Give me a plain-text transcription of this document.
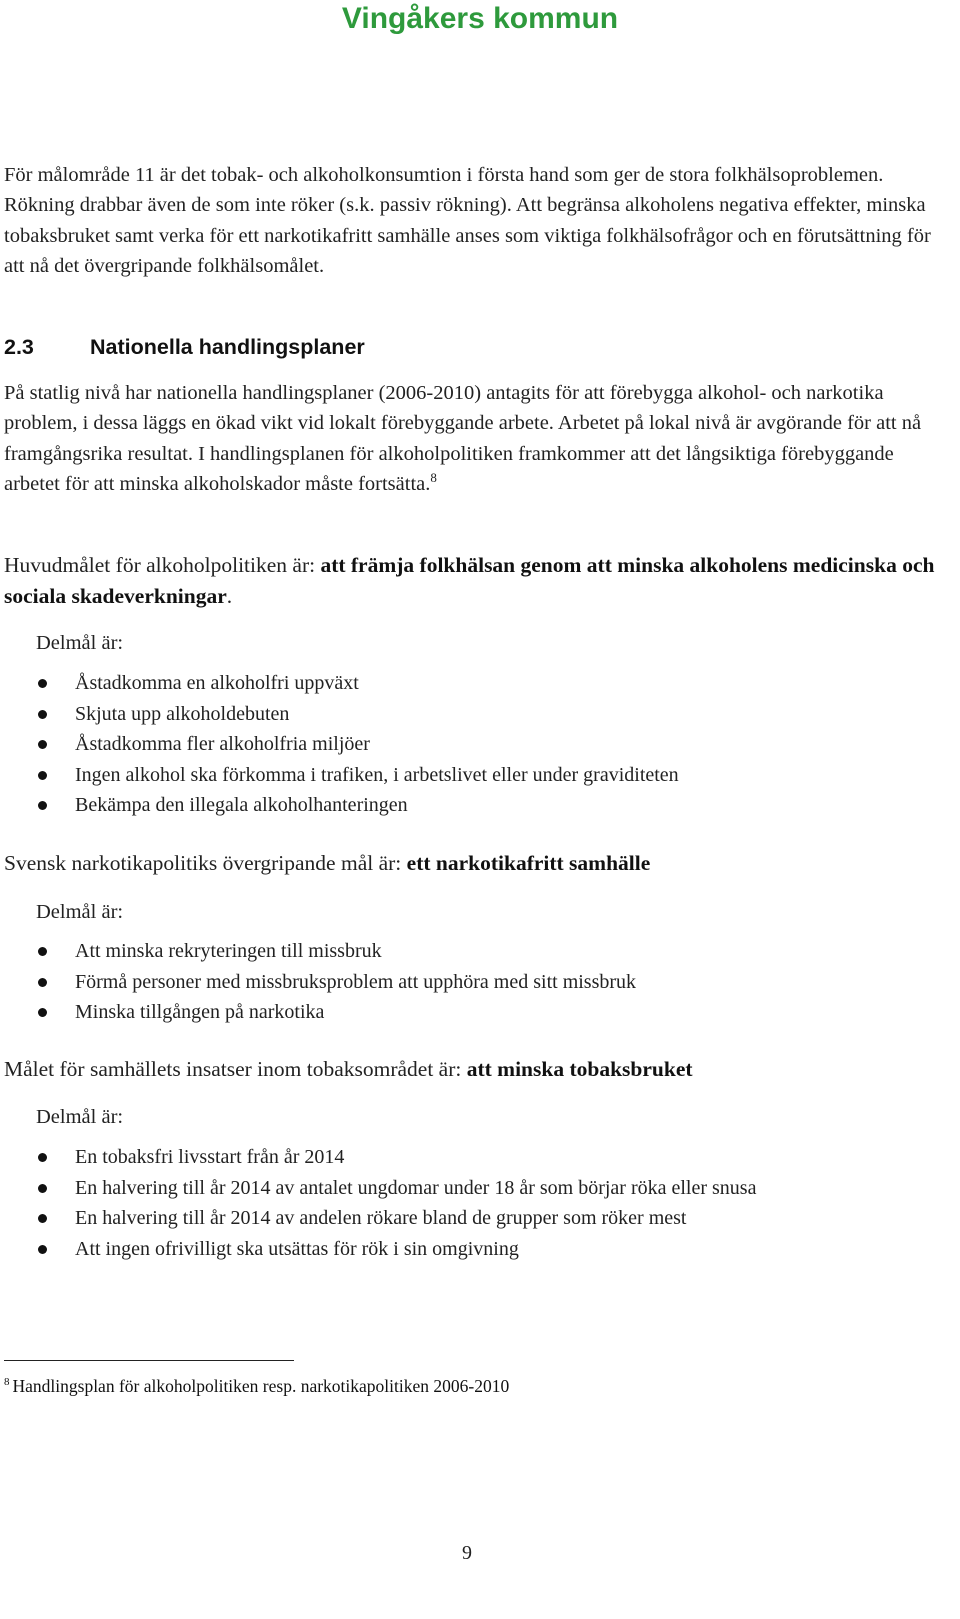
Vingåkers kommun

För målområde 11 är det tobak- och alkoholkonsumtion i första hand som ger de stora folkhälsoproblemen. Rökning drabbar även de som inte röker (s.k. passiv rökning). Att begränsa alkoholens negativa effekter, minska tobaksbruket samt verka för ett narkotikafritt samhälle anses som viktiga folkhälsofrågor och en förutsättning för att nå det övergripande folkhälsomålet.

2.3	Nationella handlingsplaner

På statlig nivå har nationella handlingsplaner (2006-2010) antagits för att förebygga alkohol- och narkotika problem, i dessa läggs en ökad vikt vid lokalt förebyggande arbete. Arbetet på lokal nivå är avgörande för att nå framgångsrika resultat. I handlingsplanen för alkoholpolitiken framkommer att det långsiktiga förebyggande arbetet för att minska alkoholskador måste fortsätta.$^8$

Huvudmålet för alkoholpolitiken är: att främja folkhälsan genom att minska alkoholens medicinska och sociala skadeverkningar.

Delmål är:

Åstadkomma en alkoholfri uppväxt
Skjuta upp alkoholdebuten
Åstadkomma fler alkoholfria miljöer
Ingen alkohol ska förkomma i trafiken, i arbetslivet eller under graviditeten
Bekämpa den illegala alkoholhanteringen

Svensk narkotikapolitiks övergripande mål är: ett narkotikafritt samhälle

Delmål är:

Att minska rekryteringen till missbruk
Förmå personer med missbruksproblem att upphöra med sitt missbruk
Minska tillgången på narkotika

Målet för samhällets insatser inom tobaksområdet är: att minska tobaksbruket

Delmål är:

En tobaksfri livsstart från år 2014
En halvering till år 2014 av antalet ungdomar under 18 år som börjar röka eller snusa
En halvering till år 2014 av andelen rökare bland de grupper som röker mest
Att ingen ofrivilligt ska utsättas för rök i sin omgivning
$^8$ Handlingsplan för alkoholpolitiken resp. narkotikapolitiken 2006-2010
9
